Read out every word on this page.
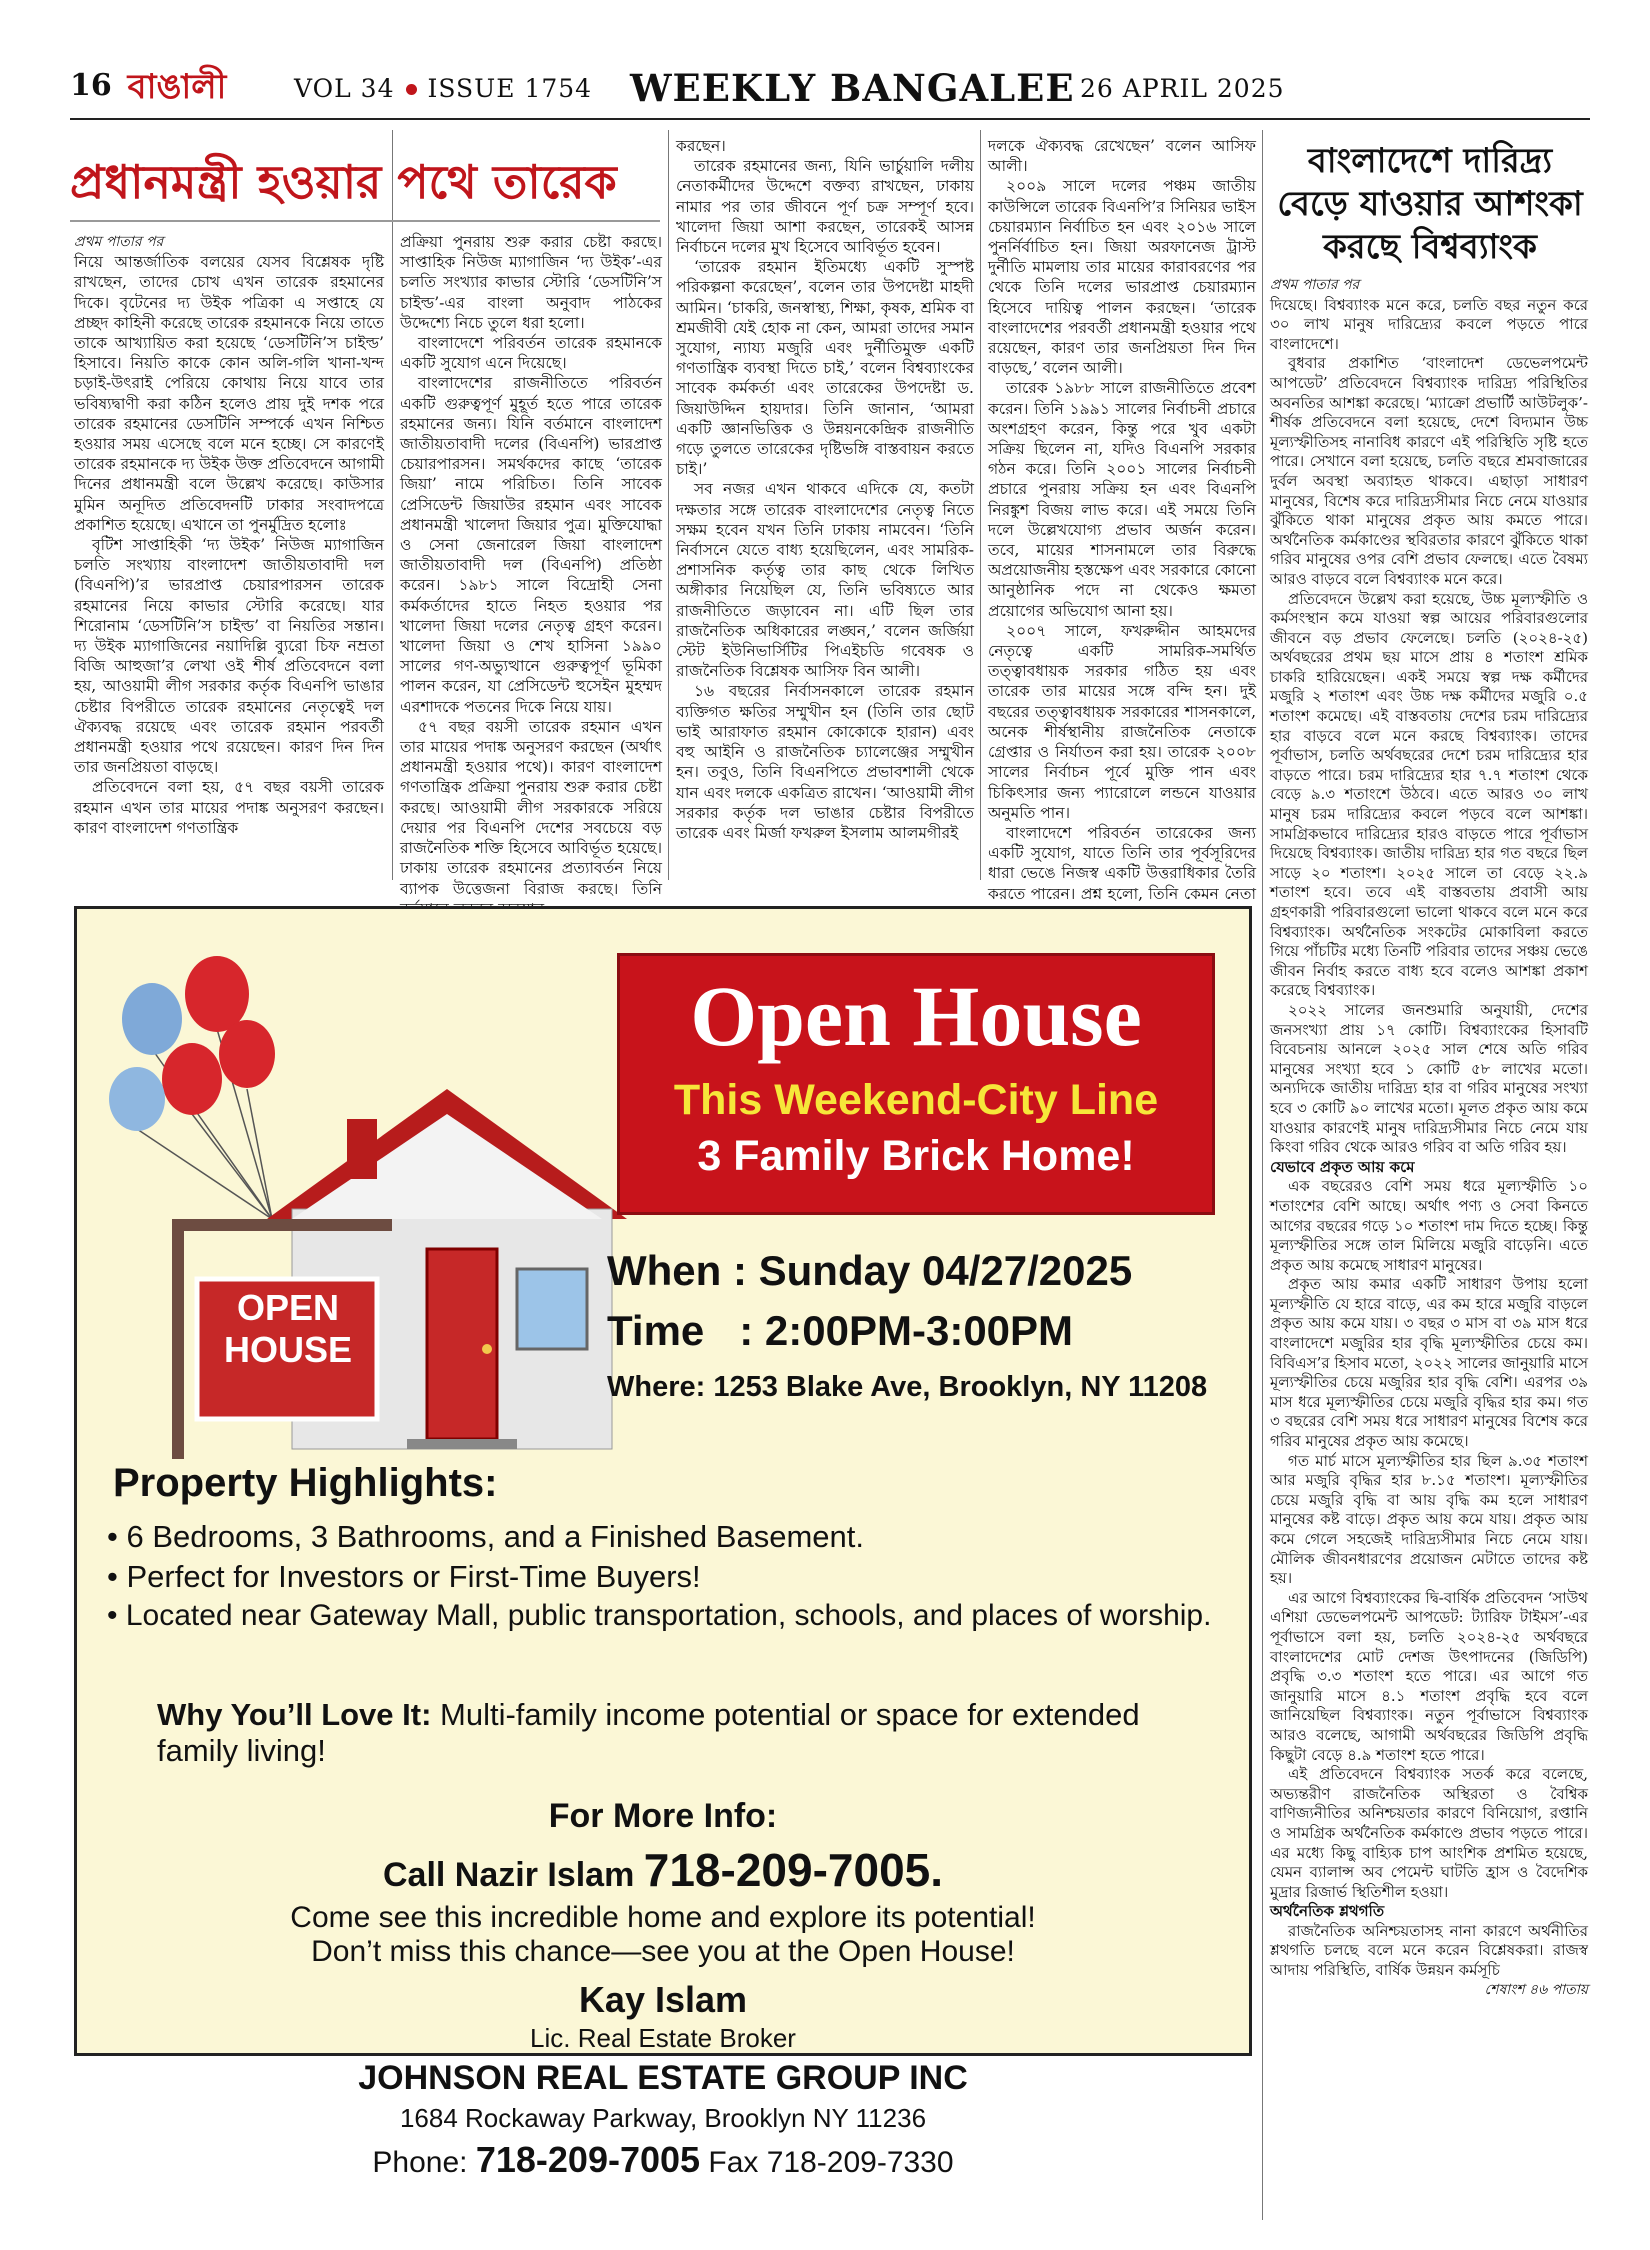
16 বাঙালী	VOL 34 ISSUE 1754 WEEKLY BANGALEE 26 APRIL 2025
প্রধানমন্ত্রী হওয়ার পথে তারেক
প্রথম পাতার পর

নিয়ে আন্তর্জাতিক বলয়ের যেসব বিশ্লেষক দৃষ্টি রাখছেন, তাদের চোখ এখন তারেক রহমানের দিকে। বৃটেনের দ্য উইক পত্রিকা এ সপ্তাহে যে প্রচ্ছদ কাহিনী করেছে তারেক রহমানকে নিয়ে তাতে তাকে আখ্যায়িত করা হয়েছে ‘ডেসটিনি’স চাইল্ড’ হিসাবে। নিয়তি কাকে কোন অলি-গলি খানা-খন্দ চড়াই-উৎরাই পেরিয়ে কোথায় নিয়ে যাবে তার ভবিষ্যদ্বাণী করা কঠিন হলেও প্রায় দুই দশক পরে তারেক রহমানের ডেসটিনি সম্পর্কে এখন নিশ্চিত হওয়ার সময় এসেছে বলে মনে হচ্ছে। সে কারণেই তারেক রহমানকে দ্য উইক উক্ত প্রতিবেদনে আগামী দিনের প্রধানমন্ত্রী বলে উল্লেখ করেছে। কাউসার মুমিন অনূদিত প্রতিবেদনটি ঢাকার সংবাদপত্রে প্রকাশিত হয়েছে। এখানে তা পুনর্মুদ্রিত হলোঃ

বৃটিশ সাপ্তাহিকী ‘দ্য উইক’ নিউজ ম্যাগাজিন চলতি সংখ্যায় বাংলাদেশ জাতীয়তাবাদী দল (বিএনপি)’র ভারপ্রাপ্ত চেয়ারপারসন তারেক রহমানের নিয়ে কাভার স্টোরি করেছে। যার শিরোনাম ‘ডেসটিনি’স চাইল্ড’ বা নিয়তির সন্তান। দ্য উইক ম্যাগাজিনের নয়াদিল্লি ব্যুরো চিফ নম্রতা বিজি আহুজা’র লেখা ওই শীর্ষ প্রতিবেদনে বলা হয়, আওয়ামী লীগ সরকার কর্তৃক বিএনপি ভাঙার চেষ্টার বিপরীতে তারেক রহমানের নেতৃত্বেই দল ঐক্যবদ্ধ রয়েছে এবং তারেক রহমান পরবর্তী প্রধানমন্ত্রী হওয়ার পথে রয়েছেন। কারণ দিন দিন তার জনপ্রিয়তা বাড়ছে।

প্রতিবেদনে বলা হয়, ৫৭ বছর বয়সী তারেক রহমান এখন তার মায়ের পদাঙ্ক অনুসরণ করছেন। কারণ বাংলাদেশ গণতান্ত্রিক

প্রক্রিয়া পুনরায় শুরু করার চেষ্টা করছে। সাপ্তাহিক নিউজ ম্যাগাজিন ‘দ্য উইক’-এর চলতি সংখ্যার কাভার স্টোরি ‘ডেসটিনি’স চাইল্ড’-এর বাংলা অনুবাদ পাঠকের উদ্দেশ্যে নিচে তুলে ধরা হলো।

বাংলাদেশে পরিবর্তন তারেক রহমানকে একটি সুযোগ এনে দিয়েছে।

বাংলাদেশের রাজনীতিতে পরিবর্তন একটি গুরুত্বপূর্ণ মুহূর্ত হতে পারে তারেক রহমানের জন্য। যিনি বর্তমানে বাংলাদেশ জাতীয়তাবাদী দলের (বিএনপি) ভারপ্রাপ্ত চেয়ারপারসন। সমর্থকদের কাছে ‘তারেক জিয়া’ নামে পরিচিত। তিনি সাবেক প্রেসিডেন্ট জিয়াউর রহমান এবং সাবেক প্রধানমন্ত্রী খালেদা জিয়ার পুত্র। মুক্তিযোদ্ধা ও সেনা জেনারেল জিয়া বাংলাদেশ জাতীয়তাবাদী দল (বিএনপি) প্রতিষ্ঠা করেন। ১৯৮১ সালে বিদ্রোহী সেনা কর্মকর্তাদের হাতে নিহত হওয়ার পর খালেদা জিয়া দলের নেতৃত্ব গ্রহণ করেন। খালেদা জিয়া ও শেখ হাসিনা ১৯৯০ সালের গণ-অভ্যুত্থানে গুরুত্বপূর্ণ ভূমিকা পালন করেন, যা প্রেসিডেন্ট হুসেইন মুহম্মদ এরশাদকে পতনের দিকে নিয়ে যায়।

৫৭ বছর বয়সী তারেক রহমান এখন তার মায়ের পদাঙ্ক অনুসরণ করছেন (অর্থাৎ প্রধানমন্ত্রী হওয়ার পথে)। কারণ বাংলাদেশ গণতান্ত্রিক প্রক্রিয়া পুনরায় শুরু করার চেষ্টা করছে। আওয়ামী লীগ সরকারকে সরিয়ে দেয়ার পর বিএনপি দেশের সবচেয়ে বড় রাজনৈতিক শক্তি হিসেবে আবির্ভূত হয়েছে। ঢাকায় তারেক রহমানের প্রত্যাবর্তন নিয়ে ব্যাপক উত্তেজনা বিরাজ করছে। তিনি

করছেন।

তারেক রহমানের জন্য, যিনি ভার্চুয়ালি দলীয় নেতাকর্মীদের উদ্দেশে বক্তব্য রাখছেন, ঢাকায় নামার পর তার জীবনে পূর্ণ চক্র সম্পূর্ণ হবে। খালেদা জিয়া আশা করছেন, তারেকই আসন্ন নির্বাচনে দলের মুখ হিসেবে আবির্ভূত হবেন।

‘তারেক রহমান ইতিমধ্যে একটি সুস্পষ্ট পরিকল্পনা করেছেন’, বলেন তার উপদেষ্টা মাহদী আমিন। ‘চাকরি, জনস্বাস্থ্য, শিক্ষা, কৃষক, শ্রমিক বা শ্রমজীবী যেই হোক না কেন, আমরা তাদের সমান সুযোগ, ন্যায্য মজুরি এবং দুর্নীতিমুক্ত একটি গণতান্ত্রিক ব্যবস্থা দিতে চাই,’ বলেন বিশ্বব্যাংকের সাবেক কর্মকর্তা এবং তারেকের উপদেষ্টা ড. জিয়াউদ্দিন হায়দার। তিনি জানান, ‘আমরা একটি জ্ঞানভিত্তিক ও উন্নয়নকেন্দ্রিক রাজনীতি গড়ে তুলতে তারেকের দৃষ্টিভঙ্গি বাস্তবায়ন করতে চাই।’

সব নজর এখন থাকবে এদিকে যে, কতটা দক্ষতার সঙ্গে তারেক বাংলাদেশের নেতৃত্ব নিতে সক্ষম হবেন যখন তিনি ঢাকায় নামবেন। ‘তিনি নির্বাসনে যেতে বাধ্য হয়েছিলেন, এবং সামরিক-প্রশাসনিক কর্তৃত্ব তার কাছ থেকে লিখিত অঙ্গীকার নিয়েছিল যে, তিনি ভবিষ্যতে আর রাজনীতিতে জড়াবেন না। এটি ছিল তার রাজনৈতিক অধিকারের লঙ্ঘন,’ বলেন জর্জিয়া স্টেট ইউনিভার্সিটির পিএইচডি গবেষক ও রাজনৈতিক বিশ্লেষক আসিফ বিন আলী।

১৬ বছরের নির্বাসনকালে তারেক রহমান ব্যক্তিগত ক্ষতির সম্মুখীন হন (তিনি তার ছোট ভাই আরাফাত রহমান কোকোকে হারান) এবং বহু আইনি ও রাজনৈতিক চ্যালেঞ্জের সম্মুখীন হন। তবুও, তিনি বিএনপিতে প্রভাবশালী থেকে যান এবং দলকে একত্রিত রাখেন। ‘আওয়ামী লীগ সরকার কর্তৃক দল ভাঙার চেষ্টার বিপরীতে তারেক এবং মির্জা ফখরুল ইসলাম আলমগীরই

দলকে ঐক্যবদ্ধ রেখেছেন’ বলেন আসিফ আলী।

২০০৯ সালে দলের পঞ্চম জাতীয় কাউন্সিলে তারেক বিএনপি’র সিনিয়র ভাইস চেয়ারম্যান নির্বাচিত হন এবং ২০১৬ সালে পুনর্নির্বাচিত হন। জিয়া অরফানেজ ট্রাস্ট দুর্নীতি মামলায় তার মায়ের কারাবরণের পর থেকে তিনি দলের ভারপ্রাপ্ত চেয়ারম্যান হিসেবে দায়িত্ব পালন করছেন। ‘তারেক বাংলাদেশের পরবর্তী প্রধানমন্ত্রী হওয়ার পথে রয়েছেন, কারণ তার জনপ্রিয়তা দিন দিন বাড়ছে,’ বলেন আলী।

তারেক ১৯৮৮ সালে রাজনীতিতে প্রবেশ করেন। তিনি ১৯৯১ সালের নির্বাচনী প্রচারে অংশগ্রহণ করেন, কিন্তু পরে খুব একটা সক্রিয় ছিলেন না, যদিও বিএনপি সরকার গঠন করে। তিনি ২০০১ সালের নির্বাচনী প্রচারে পুনরায় সক্রিয় হন এবং বিএনপি নিরঙ্কুশ বিজয় লাভ করে। এই সময়ে তিনি দলে উল্লেখযোগ্য প্রভাব অর্জন করেন। তবে, মায়ের শাসনামলে তার বিরুদ্ধে অপ্রয়োজনীয় হস্তক্ষেপ এবং সরকারে কোনো আনুষ্ঠানিক পদে না থেকেও ক্ষমতা প্রয়োগের অভিযোগ আনা হয়।

২০০৭ সালে, ফখরুদ্দীন আহমদের নেতৃত্বে একটি সামরিক-সমর্থিত তত্ত্বাবধায়ক সরকার গঠিত হয় এবং তারেক তার মায়ের সঙ্গে বন্দি হন। দুই বছরের তত্ত্বাবধায়ক সরকারের শাসনকালে, অনেক শীর্ষস্থানীয় রাজনৈতিক নেতাকে গ্রেপ্তার ও নির্যাতন করা হয়। তারেক ২০০৮ সালের নির্বাচন পূর্বে মুক্তি পান এবং চিকিৎসার জন্য প্যারোলে লন্ডনে যাওয়ার অনুমতি পান।

বাংলাদেশে পরিবর্তন তারেকের জন্য একটি সুযোগ, যাতে তিনি তার পূর্বসূরিদের ধারা ভেঙে নিজস্ব একটি উত্তরাধিকার তৈরি করতে পারেন। প্রশ্ন হলো, তিনি কেমন নেতা

বাংলাদেশে দারিদ্র্য বেড়ে যাওয়ার আশংকা করছে বিশ্বব্যাংক
প্রথম পাতার পর

দিয়েছে। বিশ্বব্যাংক মনে করে, চলতি বছর নতুন করে ৩০ লাখ মানুষ দারিদ্র্যের কবলে পড়তে পারে বাংলাদেশে।

বুধবার প্রকাশিত ‘বাংলাদেশ ডেভেলপমেন্ট আপডেট’ প্রতিবেদনে বিশ্বব্যাংক দারিদ্র্য পরিস্থিতির অবনতির আশঙ্কা করেছে। ‘ম্যাক্রো প্রভার্টি আউটলুক’- শীর্ষক প্রতিবেদনে বলা হয়েছে, দেশে বিদ্যমান উচ্চ মূল্যস্ফীতিসহ নানাবিধ কারণে এই পরিস্থিতি সৃষ্টি হতে পারে। সেখানে বলা হয়েছে, চলতি বছরে শ্রমবাজারের দুর্বল অবস্থা অব্যাহত থাকবে। এছাড়া সাধারণ মানুষের, বিশেষ করে দারিদ্র্যসীমার নিচে নেমে যাওয়ার ঝুঁকিতে থাকা মানুষের প্রকৃত আয় কমতে পারে। অর্থনৈতিক কর্মকাণ্ডের স্থবিরতার কারণে ঝুঁকিতে থাকা গরিব মানুষের ওপর বেশি প্রভাব ফেলছে। এতে বৈষম্য আরও বাড়বে বলে বিশ্বব্যাংক মনে করে।

প্রতিবেদনে উল্লেখ করা হয়েছে, উচ্চ মূল্যস্ফীতি ও কর্মসংস্থান কমে যাওয়া স্বল্প আয়ের পরিবারগুলোর জীবনে বড় প্রভাব ফেলেছে। চলতি (২০২৪-২৫) অর্থবছরের প্রথম ছয় মাসে প্রায় ৪ শতাংশ শ্রমিক চাকরি হারিয়েছেন। একই সময়ে স্বল্প দক্ষ কর্মীদের মজুরি ২ শতাংশ এবং উচ্চ দক্ষ কর্মীদের মজুরি ০.৫ শতাংশ কমেছে। এই বাস্তবতায় দেশের চরম দারিদ্র্যের হার বাড়বে বলে মনে করছে বিশ্বব্যাংক। তাদের পূর্বাভাস, চলতি অর্থবছরের দেশে চরম দারিদ্র্যের হার বাড়তে পারে। চরম দারিদ্র্যের হার ৭.৭ শতাংশ থেকে বেড়ে ৯.৩ শতাংশে উঠবে। এতে আরও ৩০ লাখ মানুষ চরম দারিদ্র্যের কবলে পড়বে বলে আশঙ্কা। সামগ্রিকভাবে দারিদ্র্যের হারও বাড়তে পারে পূর্বাভাস দিয়েছে বিশ্বব্যাংক। জাতীয় দারিদ্র্য হার গত বছরে ছিল সাড়ে ২০ শতাংশ। ২০২৫ সালে তা বেড়ে ২২.৯ শতাংশ হবে। তবে এই বাস্তবতায় প্রবাসী আয় গ্রহণকারী পরিবারগুলো ভালো থাকবে বলে মনে করে বিশ্বব্যাংক। অর্থনৈতিক সংকটের মোকাবিলা করতে গিয়ে পাঁচটির মধ্যে তিনটি পরিবার তাদের সঞ্চয় ভেঙে জীবন নির্বাহ করতে বাধ্য হবে বলেও আশঙ্কা প্রকাশ করেছে বিশ্বব্যাংক।

২০২২ সালের জনশুমারি অনুযায়ী, দেশের জনসংখ্যা প্রায় ১৭ কোটি। বিশ্বব্যাংকের হিসাবটি বিবেচনায় আনলে ২০২৫ সাল শেষে অতি গরিব মানুষের সংখ্যা হবে ১ কোটি ৫৮ লাখের মতো। অন্যদিকে জাতীয় দারিদ্র্য হার বা গরিব মানুষের সংখ্যা হবে ৩ কোটি ৯০ লাখের মতো। মূলত প্রকৃত আয় কমে যাওয়ার কারণেই মানুষ দারিদ্র্যসীমার নিচে নেমে যায় কিংবা গরিব থেকে আরও গরিব বা অতি গরিব হয়।

যেভাবে প্রকৃত আয় কমে

এক বছরেরও বেশি সময় ধরে মূল্যস্ফীতি ১০ শতাংশের বেশি আছে। অর্থাৎ পণ্য ও সেবা কিনতে আগের বছরের গড়ে ১০ শতাংশ দাম দিতে হচ্ছে। কিন্তু মূল্যস্ফীতির সঙ্গে তাল মিলিয়ে মজুরি বাড়েনি। এতে প্রকৃত আয় কমেছে সাধারণ মানুষের।

প্রকৃত আয় কমার একটি সাধারণ উপায় হলো মূল্যস্ফীতি যে হারে বাড়ে, এর কম হারে মজুরি বাড়লে প্রকৃত আয় কমে যায়। ৩ বছর ৩ মাস বা ৩৯ মাস ধরে বাংলাদেশে মজুরির হার বৃদ্ধি মূল্যস্ফীতির চেয়ে কম। বিবিএস’র হিসাব মতো, ২০২২ সালের জানুয়ারি মাসে মূল্যস্ফীতির চেয়ে মজুরির হার বৃদ্ধি বেশি। এরপর ৩৯ মাস ধরে মূল্যস্ফীতির চেয়ে মজুরি বৃদ্ধির হার কম। গত ৩ বছরের বেশি সময় ধরে সাধারণ মানুষের বিশেষ করে গরিব মানুষের প্রকৃত আয় কমেছে।

গত মার্চ মাসে মূল্যস্ফীতির হার ছিল ৯.৩৫ শতাংশ আর মজুরি বৃদ্ধির হার ৮.১৫ শতাংশ। মূল্যস্ফীতির চেয়ে মজুরি বৃদ্ধি বা আয় বৃদ্ধি কম হলে সাধারণ মানুষের কষ্ট বাড়ে। প্রকৃত আয় কমে যায়। প্রকৃত আয় কমে গেলে সহজেই দারিদ্র্যসীমার নিচে নেমে যায়। মৌলিক জীবনধারণের প্রয়োজন মেটাতে তাদের কষ্ট হয়।

এর আগে বিশ্বব্যাংকের দ্বি-বার্ষিক প্রতিবেদন ‘সাউথ এশিয়া ডেভেলপমেন্ট আপডেট: ট্যারিফ টাইমস’-এর পূর্বাভাসে বলা হয়, চলতি ২০২৪-২৫ অর্থবছরে বাংলাদেশের মোট দেশজ উৎপাদনের (জিডিপি) প্রবৃদ্ধি ৩.৩ শতাংশ হতে পারে। এর আগে গত জানুয়ারি মাসে ৪.১ শতাংশ প্রবৃদ্ধি হবে বলে জানিয়েছিল বিশ্বব্যাংক। নতুন পূর্বাভাসে বিশ্বব্যাংক আরও বলেছে, আগামী অর্থবছরের জিডিপি প্রবৃদ্ধি কিছুটা বেড়ে ৪.৯ শতাংশ হতে পারে।

এই প্রতিবেদনে বিশ্বব্যাংক সতর্ক করে বলেছে, অভ্যন্তরীণ রাজনৈতিক অস্থিরতা ও বৈশ্বিক বাণিজ্যনীতির অনিশ্চয়তার কারণে বিনিয়োগ, রপ্তানি ও সামগ্রিক অর্থনৈতিক কর্মকাণ্ডে প্রভাব পড়তে পারে। এর মধ্যে কিছু বাহ্যিক চাপ আংশিক প্রশমিত হয়েছে, যেমন ব্যালান্স অব পেমেন্ট ঘাটতি হ্রাস ও বৈদেশিক মুদ্রার রিজার্ভ স্থিতিশীল হওয়া।

অর্থনৈতিক শ্লথগতি

রাজনৈতিক অনিশ্চয়তাসহ নানা কারণে অর্থনীতির শ্লথগতি চলছে বলে মনে করেন বিশ্লেষকরা। রাজস্ব আদায় পরিস্থিতি, বার্ষিক উন্নয়ন কর্মসূচি

শেষাংশ ৪৬ পাতায়

OPEN
HOUSE
Open House
This Weekend-City Line
3 Family Brick Home!
When : Sunday 04/27/2025
Time   : 2:00PM-3:00PM
Where: 1253 Blake Ave, Brooklyn, NY 11208
Property Highlights:
• 6 Bedrooms, 3 Bathrooms, and a Finished Basement.
• Perfect for Investors or First-Time Buyers!
• Located near Gateway Mall, public transportation, schools, and places of worship.
Why You’ll Love It: Multi-family income potential or space for extended family living!
For More Info:
Call Nazir Islam 718-209-7005.
Come see this incredible home and explore its potential!
Don’t miss this chance—see you at the Open House!
Kay Islam
Lic. Real Estate Broker
JOHNSON REAL ESTATE GROUP INC
1684 Rockaway Parkway, Brooklyn NY 11236
Phone: 718-209-7005 Fax 718-209-7330
